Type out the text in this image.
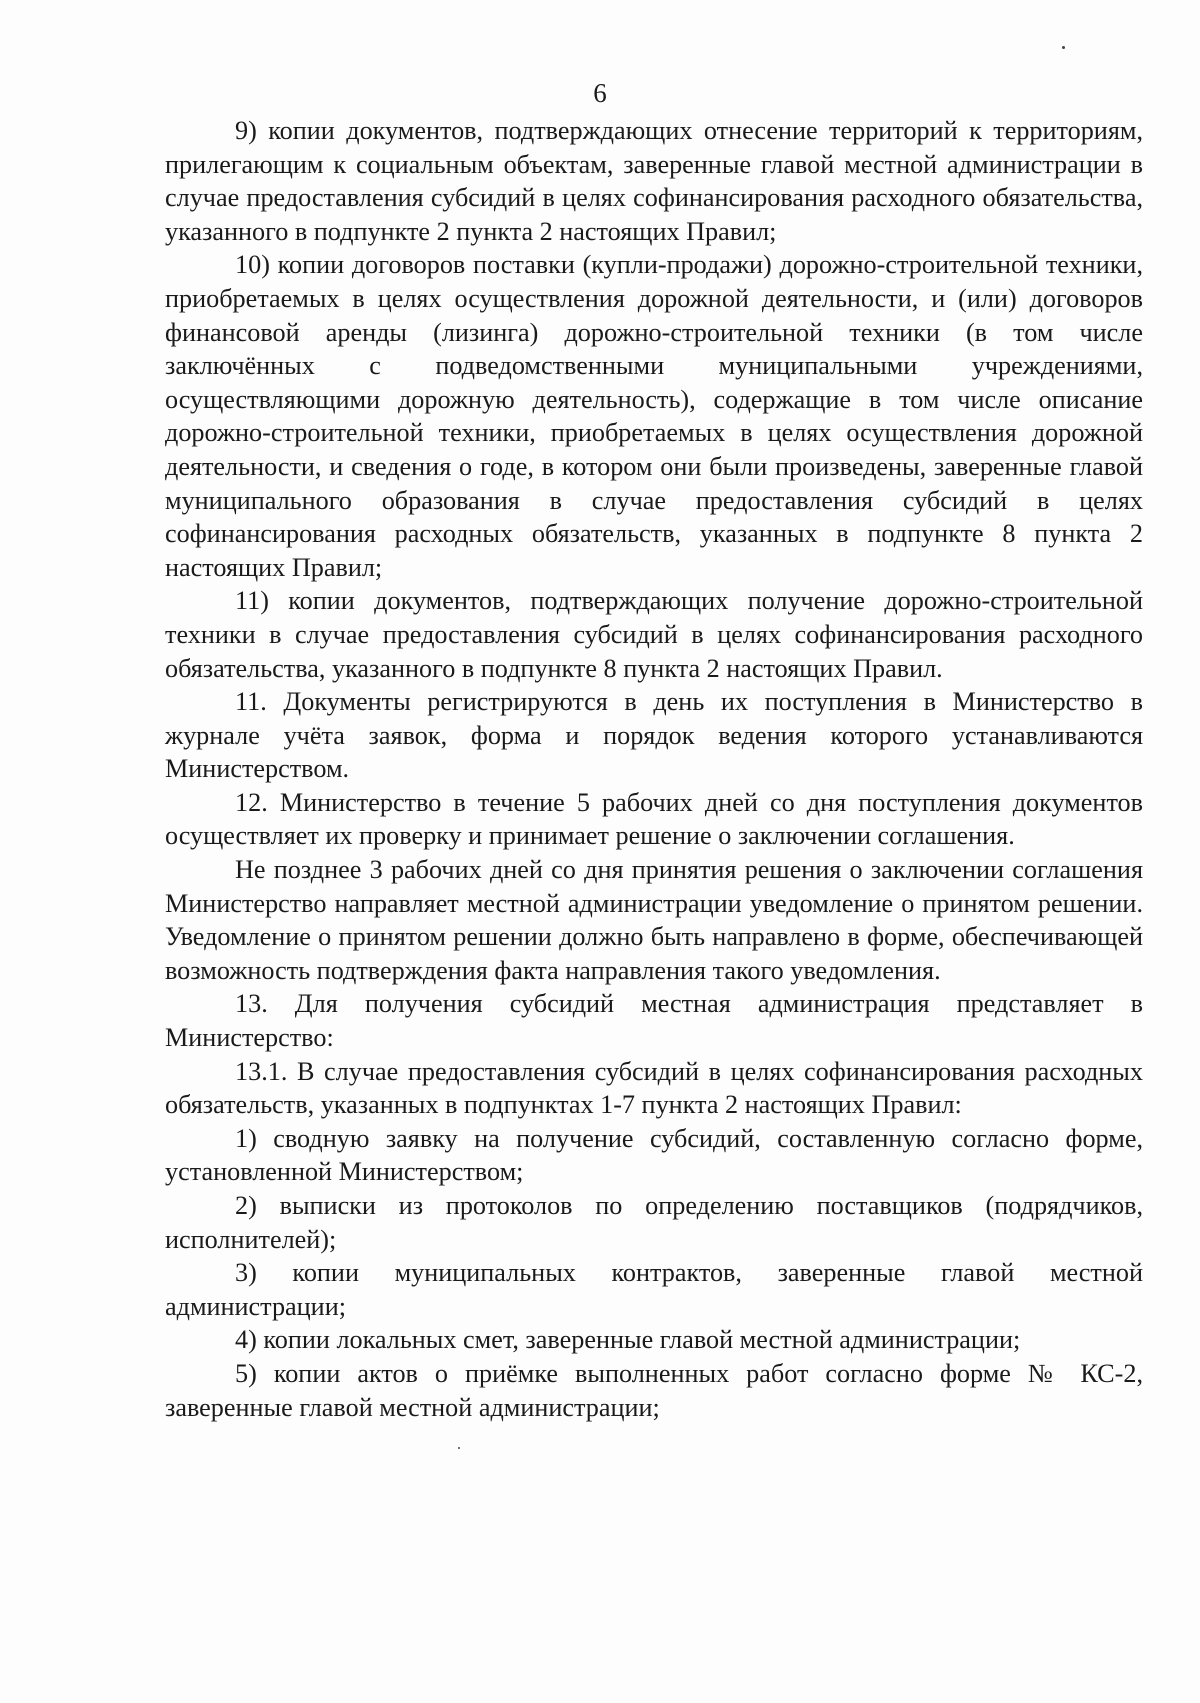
6

9) копии документов, подтверждающих отнесение территорий к территориям, прилегающим к социальным объектам, заверенные главой местной администрации в случае предоставления субсидий в целях софинансирования расходного обязательства, указанного в подпункте 2 пункта 2 настоящих Правил;

10) копии договоров поставки (купли-продажи) дорожно-строительной техники, приобретаемых в целях осуществления дорожной деятельности, и (или) договоров финансовой аренды (лизинга) дорожно-строительной техники (в том числе заключённых с подведомственными муниципальными учреждениями, осуществляющими дорожную деятельность), содержащие в том числе описание дорожно-строительной техники, приобретаемых в целях осуществления дорожной деятельности, и сведения о годе, в котором они были произведены, заверенные главой муниципального образования в случае предоставления субсидий в целях софинансирования расходных обязательств, указанных в подпункте 8 пункта 2 настоящих Правил;

11) копии документов, подтверждающих получение дорожно-строительной техники в случае предоставления субсидий в целях софинансирования расходного обязательства, указанного в подпункте 8 пункта 2 настоящих Правил.

11. Документы регистрируются в день их поступления в Министерство в журнале учёта заявок, форма и порядок ведения которого устанавливаются Министерством.

12. Министерство в течение 5 рабочих дней со дня поступления документов осуществляет их проверку и принимает решение о заключении соглашения.

Не позднее 3 рабочих дней со дня принятия решения о заключении соглашения Министерство направляет местной администрации уведомление о принятом решении. Уведомление о принятом решении должно быть направлено в форме, обеспечивающей возможность подтверждения факта направления такого уведомления.

13. Для получения субсидий местная администрация представляет в Министерство:

13.1. В случае предоставления субсидий в целях софинансирования расходных обязательств, указанных в подпунктах 1-7 пункта 2 настоящих Правил:

1) сводную заявку на получение субсидий, составленную согласно форме, установленной Министерством;

2) выписки из протоколов по определению поставщиков (подрядчиков, исполнителей);

3) копии муниципальных контрактов, заверенные главой местной администрации;

4) копии локальных смет, заверенные главой местной администрации;

5) копии актов о приёмке выполненных работ согласно форме № КС-2, заверенные главой местной администрации;
